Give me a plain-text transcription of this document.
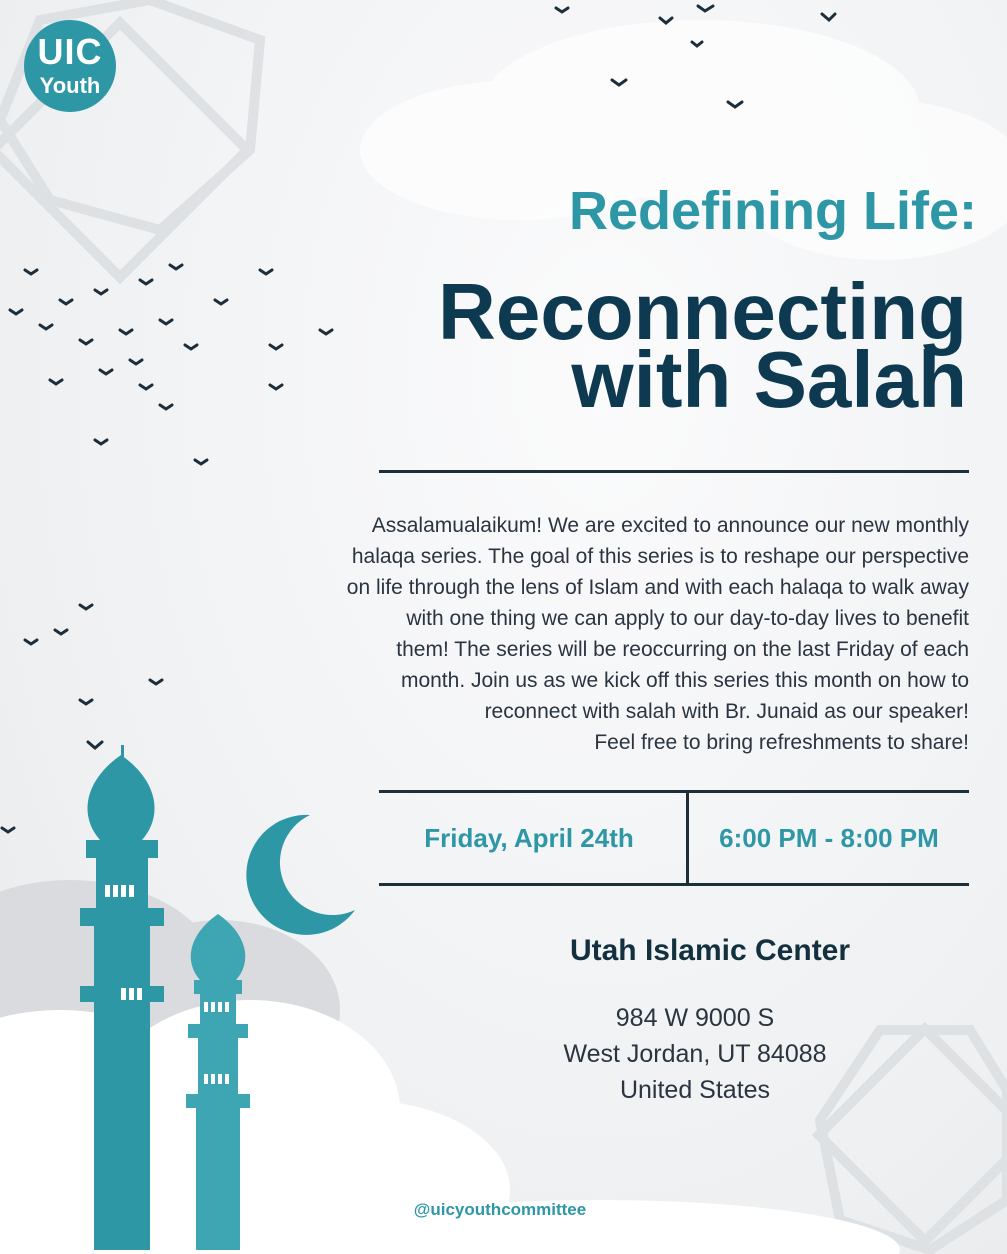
UIC
Youth
Redefining Life:
Reconnecting
with Salah
Assalamualaikum! We are excited to announce our new monthly
halaqa series. The goal of this series is to reshape our perspective
on life through the lens of Islam and with each halaqa to walk away
with one thing we can apply to our day-to-day lives to benefit
them! The series will be reoccurring on the last Friday of each
month. Join us as we kick off this series this month on how to
reconnect with salah with Br. Junaid as our speaker!
Feel free to bring refreshments to share!
Friday, April 24th	6:00 PM - 8:00 PM
Utah Islamic Center
984 W 9000 S
West Jordan, UT 84088
United States
@uicyouthcommittee
